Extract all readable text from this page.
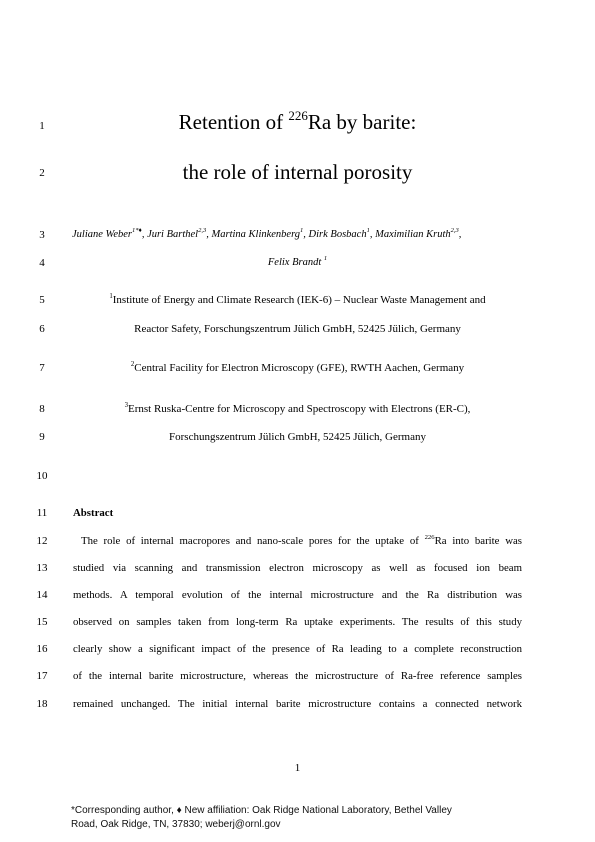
1
2
3
4
5
6
7
8
9
10
11
12
13
14
15
16
17
18
Retention of $^{226}$Ra by barite:
the role of internal porosity
Juliane Weber$^{1*♦}$, Juri Barthel$^{2,3}$, Martina Klinkenberg$^1$, Dirk Bosbach$^1$, Maximilian Kruth$^{2,3}$,
Felix Brandt $^1$
$^1$Institute of Energy and Climate Research (IEK-6) – Nuclear Waste Management and
Reactor Safety, Forschungszentrum Jülich GmbH, 52425 Jülich, Germany
$^2$Central Facility for Electron Microscopy (GFE), RWTH Aachen, Germany
$^3$Ernst Ruska-Centre for Microscopy and Spectroscopy with Electrons (ER-C),
Forschungszentrum Jülich GmbH, 52425 Jülich, Germany
Abstract
The role of internal macropores and nano-scale pores for the uptake of $^{226}$Ra into barite was
studied via scanning and transmission electron microscopy as well as focused ion beam
methods. A temporal evolution of the internal microstructure and the Ra distribution was
observed on samples taken from long-term Ra uptake experiments. The results of this study
clearly show a significant impact of the presence of Ra leading to a complete reconstruction
of the internal barite microstructure, whereas the microstructure of Ra-free reference samples
remained unchanged. The initial internal barite microstructure contains a connected network
1
*Corresponding author, ♦ New affiliation: Oak Ridge National Laboratory, Bethel Valley
Road, Oak Ridge, TN, 37830; weberj@ornl.gov
